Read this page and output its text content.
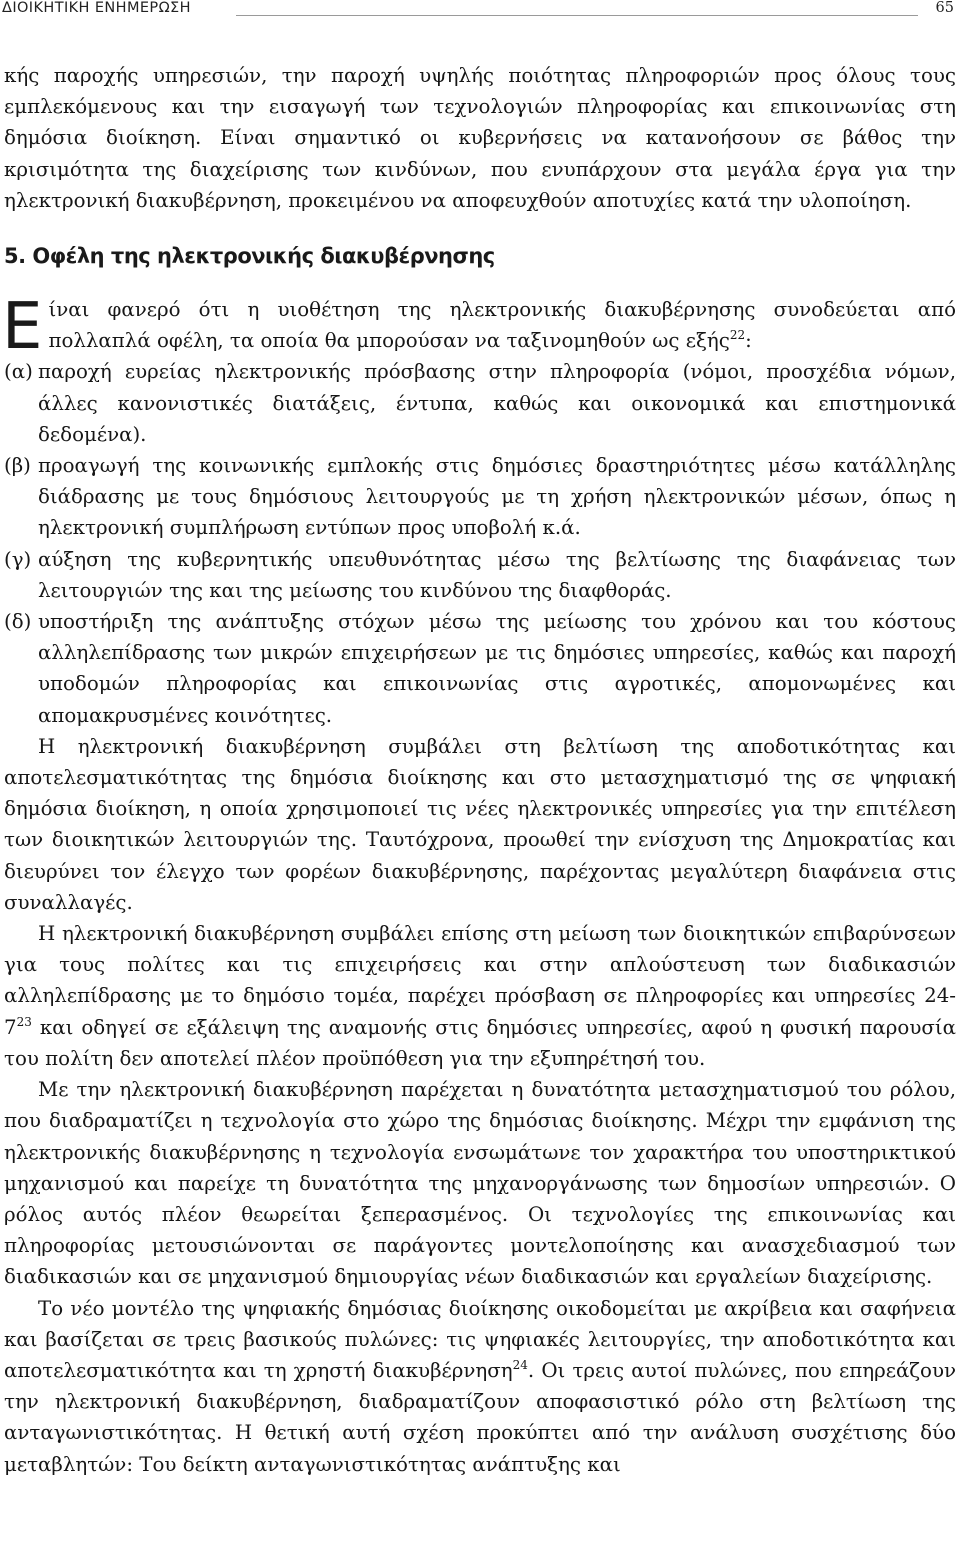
ΔΙΟΙΚΗΤΙΚΗ ΕΝΗΜΕΡΩΣΗ	65

κής παροχής υπηρεσιών, την παροχή υψηλής ποιότητας πληροφοριών προς όλους τους εμπλεκόμενους και την εισαγωγή των τεχνολογιών πληροφορίας και επικοινωνίας στη δημόσια διοίκηση. Είναι σημαντικό οι κυβερνήσεις να κατανοήσουν σε βάθος την κρισιμότητα της διαχείρισης των κινδύνων, που ενυπάρχουν στα μεγάλα έργα για την ηλεκτρονική διακυβέρνηση, προκειμένου να αποφευχθούν αποτυχίες κατά την υλοποίηση.

5. Οφέλη της ηλεκτρονικής διακυβέρνησης

Είναι φανερό ότι η υιοθέτηση της ηλεκτρονικής διακυβέρνησης συνοδεύεται από πολλαπλά οφέλη, τα οποία θα μπορούσαν να ταξινομηθούν ως εξής$^{22}$:

(α) παροχή ευρείας ηλεκτρονικής πρόσβασης στην πληροφορία (νόμοι, προσχέδια νόμων, άλλες κανονιστικές διατάξεις, έντυπα, καθώς και οικονομικά και επιστημονικά δεδομένα).
(β) προαγωγή της κοινωνικής εμπλοκής στις δημόσιες δραστηριότητες μέσω κατάλληλης διάδρασης με τους δημόσιους λειτουργούς με τη χρήση ηλεκτρονικών μέσων, όπως η ηλεκτρονική συμπλήρωση εντύπων προς υποβολή κ.ά.
(γ) αύξηση της κυβερνητικής υπευθυνότητας μέσω της βελτίωσης της διαφάνειας των λειτουργιών της και της μείωσης του κινδύνου της διαφθοράς.
(δ) υποστήριξη της ανάπτυξης στόχων μέσω της μείωσης του χρόνου και του κόστους αλληλεπίδρασης των μικρών επιχειρήσεων με τις δημόσιες υπηρεσίες, καθώς και παροχή υποδομών πληροφορίας και επικοινωνίας στις αγροτικές, απομονωμένες και απομακρυσμένες κοινότητες.

Η ηλεκτρονική διακυβέρνηση συμβάλει στη βελτίωση της αποδοτικότητας και αποτελεσματικότητας της δημόσια διοίκησης και στο μετασχηματισμό της σε ψηφιακή δημόσια διοίκηση, η οποία χρησιμοποιεί τις νέες ηλεκτρονικές υπηρεσίες για την επιτέλεση των διοικητικών λειτουργιών της. Ταυτόχρονα, προωθεί την ενίσχυση της Δημοκρατίας και διευρύνει τον έλεγχο των φορέων διακυβέρνησης, παρέχοντας μεγαλύτερη διαφάνεια στις συναλλαγές.

Η ηλεκτρονική διακυβέρνηση συμβάλει επίσης στη μείωση των διοικητικών επιβαρύνσεων για τους πολίτες και τις επιχειρήσεις και στην απλούστευση των διαδικασιών αλληλεπίδρασης με το δημόσιο τομέα, παρέχει πρόσβαση σε πληροφορίες και υπηρεσίες $24-7^{23}$ και οδηγεί σε εξάλειψη της αναμονής στις δημόσιες υπηρεσίες, αφού η φυσική παρουσία του πολίτη δεν αποτελεί πλέον προϋπόθεση για την εξυπηρέτησή του.

Με την ηλεκτρονική διακυβέρνηση παρέχεται η δυνατότητα μετασχηματισμού του ρόλου, που διαδραματίζει η τεχνολογία στο χώρο της δημόσιας διοίκησης. Μέχρι την εμφάνιση της ηλεκτρονικής διακυβέρνησης η τεχνολογία ενσωμάτωνε τον χαρακτήρα του υποστηρικτικού μηχανισμού και παρείχε τη δυνατότητα της μηχανοργάνωσης των δημοσίων υπηρεσιών. Ο ρόλος αυτός πλέον θεωρείται ξεπερασμένος. Οι τεχνολογίες της επικοινωνίας και πληροφορίας μετουσιώνονται σε παράγοντες μοντελοποίησης και ανασχεδιασμού των διαδικασιών και σε μηχανισμού δημιουργίας νέων διαδικασιών και εργαλείων διαχείρισης.

Το νέο μοντέλο της ψηφιακής δημόσιας διοίκησης οικοδομείται με ακρίβεια και σαφήνεια και βασίζεται σε τρεις βασικούς πυλώνες: τις ψηφιακές λειτουργίες, την αποδοτικότητα και αποτελεσματικότητα και τη χρηστή διακυβέρνηση$^{24}$. Οι τρεις αυτοί πυλώνες, που επηρεάζουν την ηλεκτρονική διακυβέρνηση, διαδραματίζουν αποφασιστικό ρόλο στη βελτίωση της ανταγωνιστικότητας. Η θετική αυτή σχέση προκύπτει από την ανάλυση συσχέτισης δύο μεταβλητών: Του δείκτη ανταγωνιστικότητας ανάπτυξης και
